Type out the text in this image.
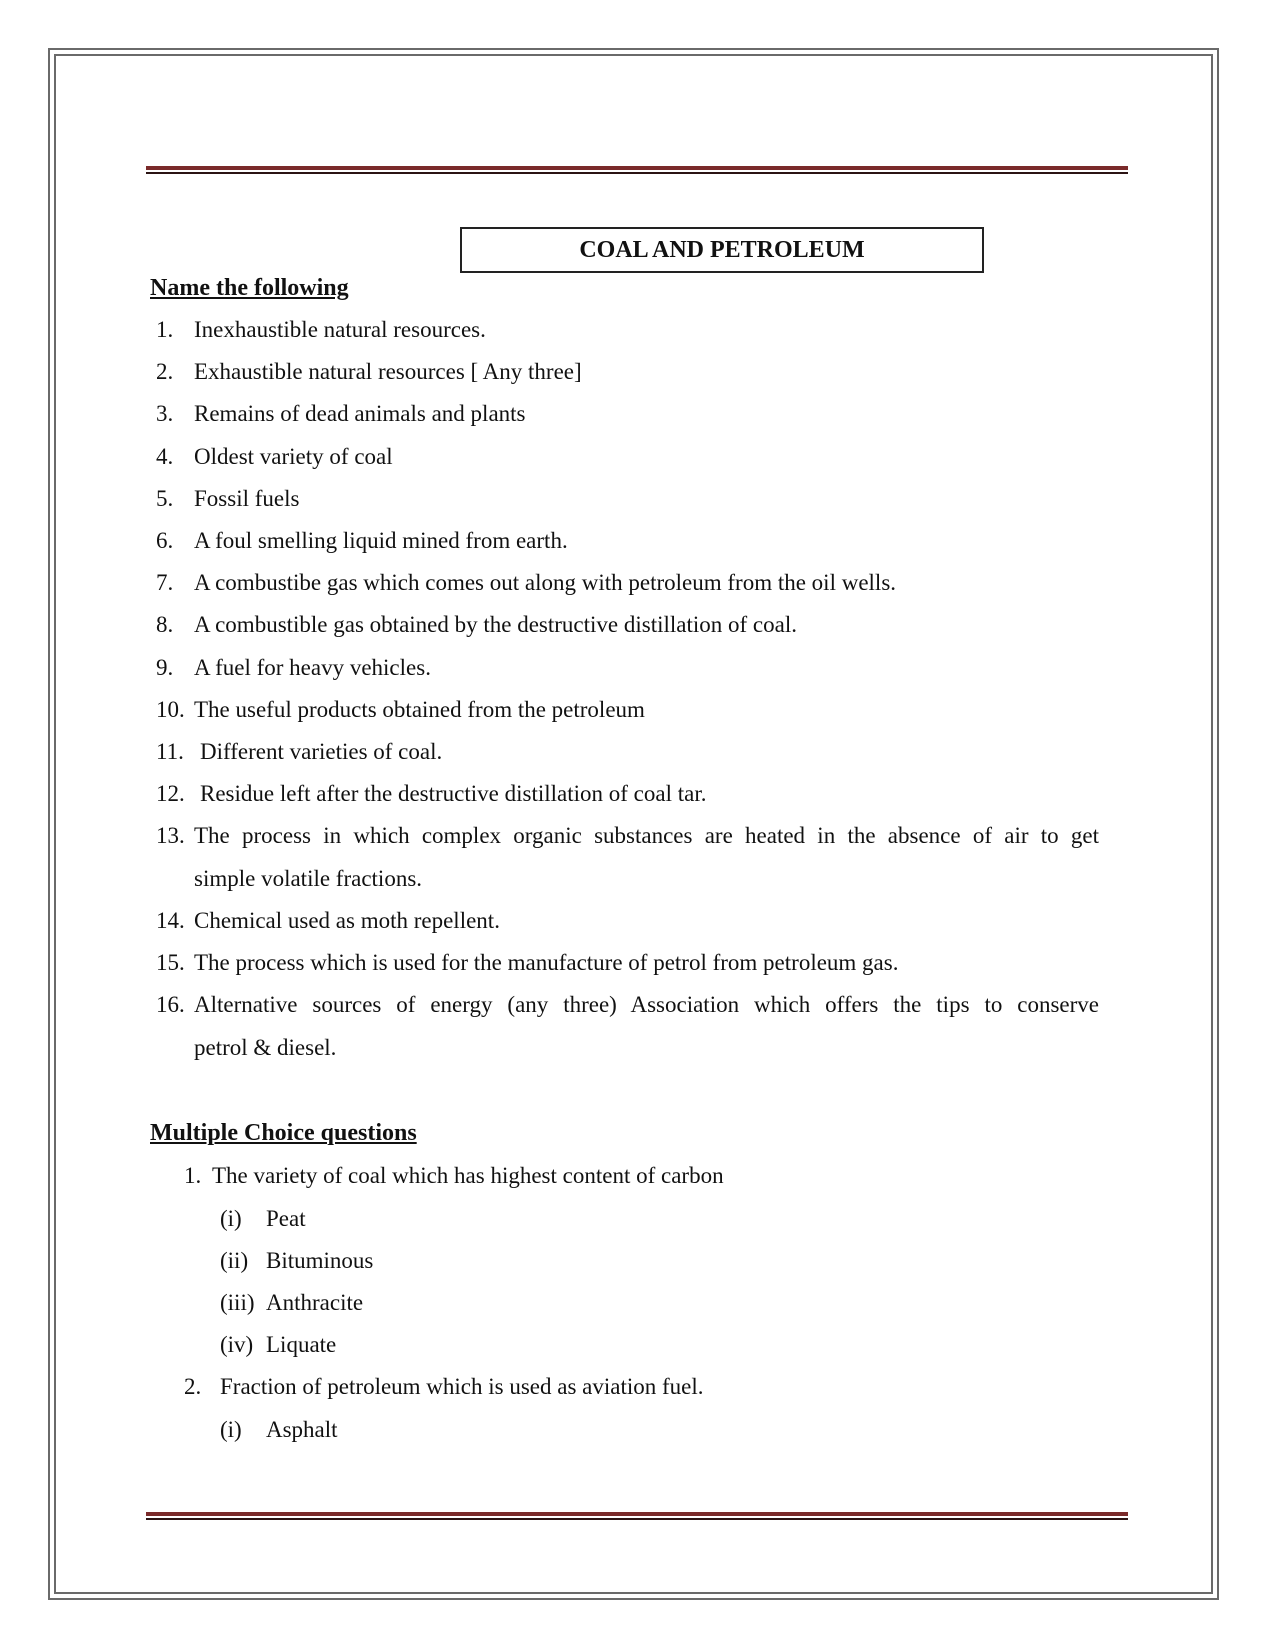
COAL AND PETROLEUM
Name the following
1. Inexhaustible natural resources.
2. Exhaustible natural resources [ Any three]
3. Remains of dead animals and plants
4. Oldest variety of coal
5. Fossil fuels
6. A foul smelling liquid mined from earth.
7. A combustibe gas which comes out along with petroleum from the oil wells.
8. A combustible gas obtained by the destructive distillation of coal.
9. A fuel for heavy vehicles.
10. The useful products obtained from the petroleum
11. Different varieties of coal.
12. Residue left after the destructive distillation of coal tar.
13. The process in which complex organic substances are heated in the absence of air to get
simple volatile fractions.
14. Chemical used as moth repellent.
15. The process which is used for the manufacture of petrol from petroleum gas.
16. Alternative sources of energy (any three) Association which offers the tips to conserve
petrol & diesel.
Multiple Choice questions
1. The variety of coal which has highest content of carbon
(i) Peat
(ii) Bituminous
(iii) Anthracite
(iv) Liquate
2. Fraction of petroleum which is used as aviation fuel.
(i) Asphalt
